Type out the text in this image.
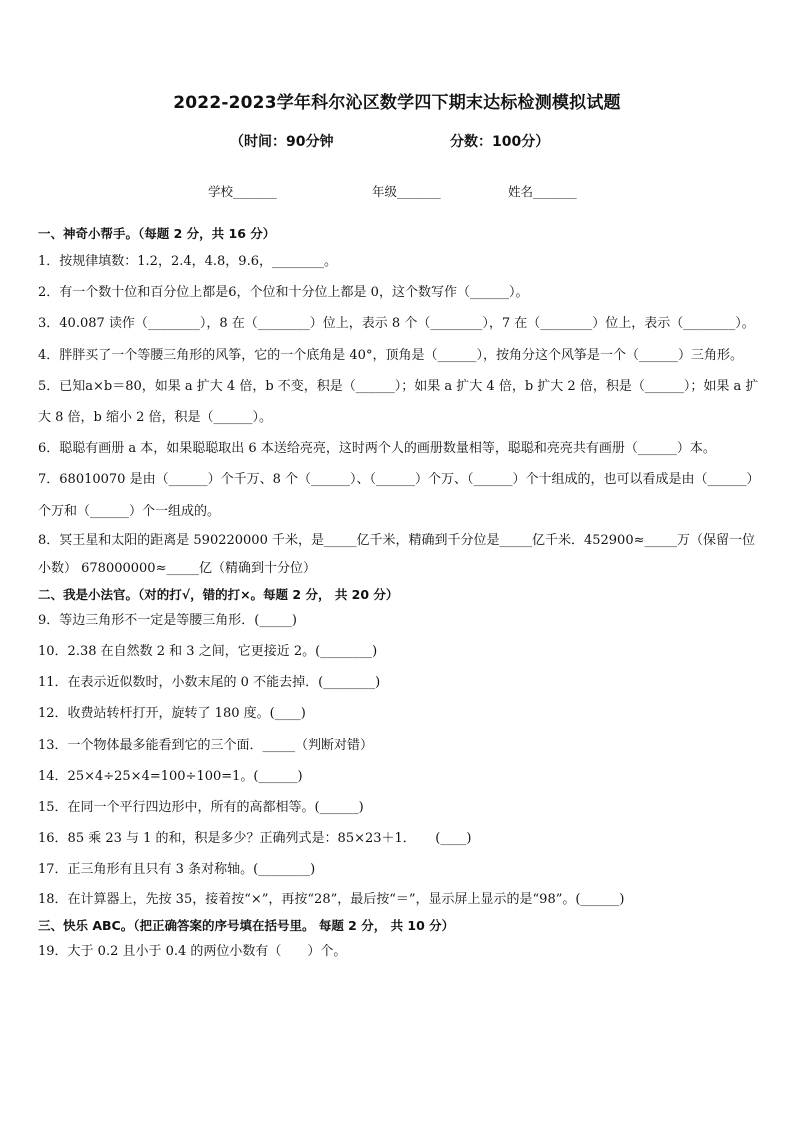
2022-2023学年科尔沁区数学四下期末达标检测模拟试题
（时间：90分钟	分数：100分）
学校_______	年级_______	姓名_______
一、神奇小帮手。（每题 2 分，共 16 分）
1．按规律填数：1.2，2.4，4.8，9.6，________。
2．有一个数十位和百分位上都是6，个位和十分位上都是 0，这个数写作（______）。
3．40.087 读作（________），8 在（________）位上，表示 8 个（________），7 在（________）位上，表示（________）。
4．胖胖买了一个等腰三角形的风筝，它的一个底角是 40°，顶角是（______），按角分这个风筝是一个（______）三角形。
5．已知a×b＝80，如果 a 扩大 4 倍，b 不变，积是（______）；如果 a 扩大 4 倍，b 扩大 2 倍，积是（______）；如果 a 扩大 8 倍，b 缩小 2 倍，积是（______）。
6．聪聪有画册 a 本，如果聪聪取出 6 本送给亮亮，这时两个人的画册数量相等，聪聪和亮亮共有画册（______）本。
7．68010070 是由（______）个千万、8 个（______）、（______）个万、（______）个十组成的，也可以看成是由（______）个万和（______）个一组成的。
8．冥王星和太阳的距离是 590220000 千米，是_____亿千米，精确到千分位是_____亿千米．452900≈_____万（保留一位小数） 678000000≈_____亿（精确到十分位）
二、我是小法官。（对的打√，错的打×。每题 2 分， 共 20 分）
9．等边三角形不一定是等腰三角形．(_____)
10．2.38 在自然数 2 和 3 之间，它更接近 2。(________)
11．在表示近似数时，小数末尾的 0 不能去掉．(________)
12．收费站转杆打开，旋转了 180 度。(____)
13．一个物体最多能看到它的三个面．_____（判断对错）
14．25×4÷25×4=100÷100=1。(______)
15．在同一个平行四边形中，所有的高都相等。(______)
16．85 乘 23 与 1 的和，积是多少？正确列式是：85×23＋1．　　(____)
17．正三角形有且只有 3 条对称轴。(________)
18．在计算器上，先按 35，接着按“×”，再按“28”，最后按“＝”，显示屏上显示的是“98”。(______)
三、快乐 ABC。（把正确答案的序号填在括号里。 每题 2 分， 共 10 分）
19．大于 0.2 且小于 0.4 的两位小数有（　　）个。
